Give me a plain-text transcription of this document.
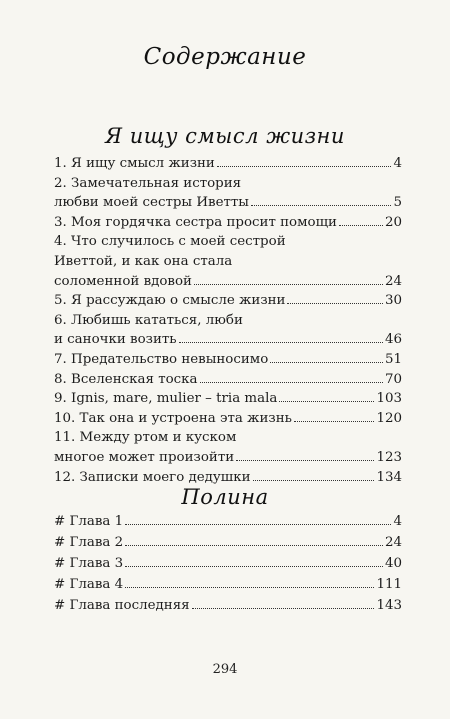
Содержание
Я ищу смысл жизни
1. Я ищу смысл жизни	4
2. Замечательная история
любви моей сестры Иветты	5
3. Моя гордячка сестра просит помощи	20
4. Что случилось с моей сестрой
Иветтой, и как она стала
соломенной вдовой	24
5. Я рассуждаю о смысле жизни	30
6. Любишь кататься, люби
и саночки возить	46
7. Предательство невыносимо	51
8. Вселенская тоска	70
9. Ignis, mare, mulier – tria mala	103
10. Так она и устроена эта жизнь	120
11. Между ртом и куском
многое может произойти	123
12. Записки моего дедушки	134
Полина
# Глава 1	4
# Глава 2	24
# Глава 3	40
# Глава 4	111
# Глава последняя	143
294
